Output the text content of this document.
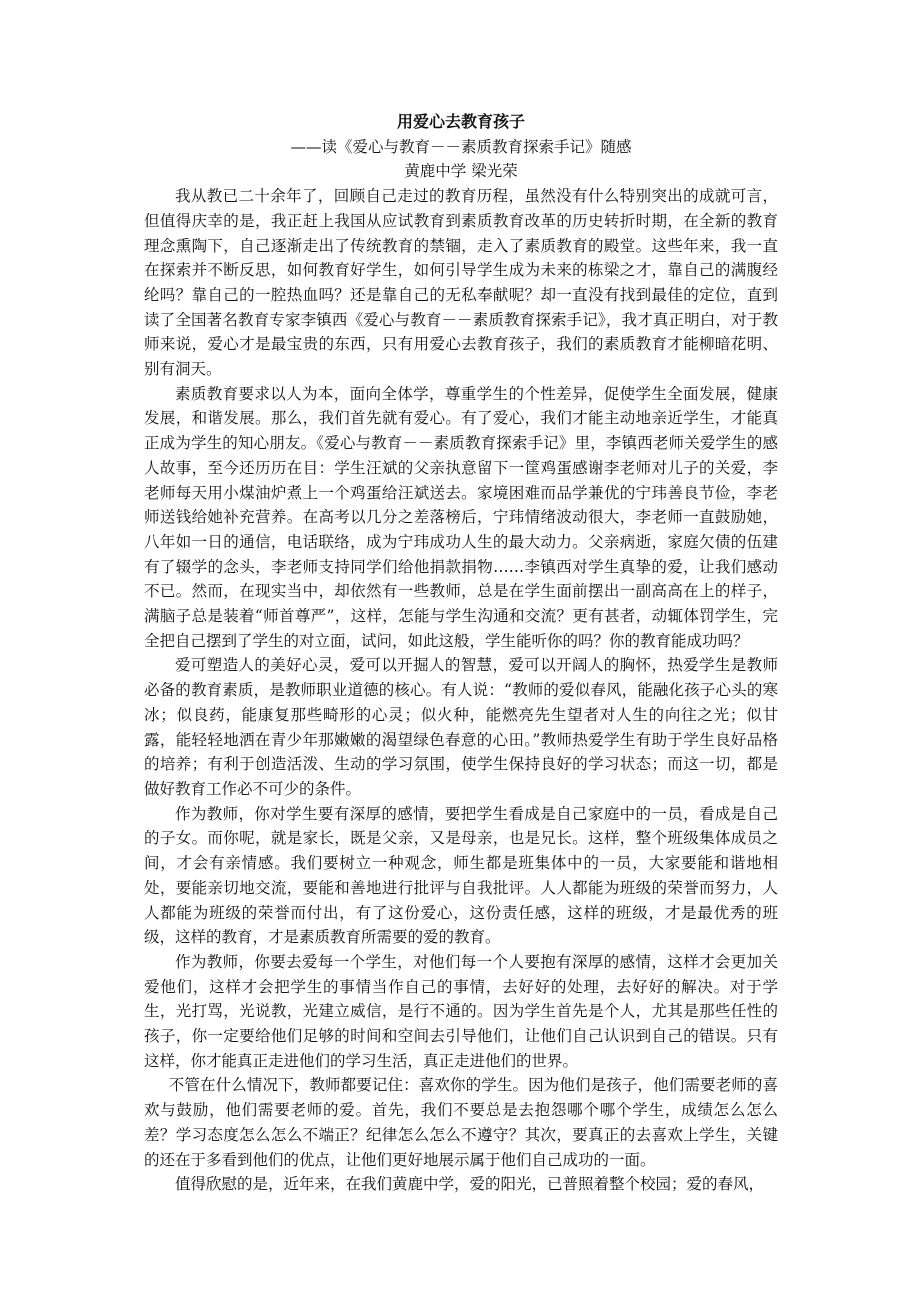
用爱心去教育孩子

——读《爱心与教育－－素质教育探索手记》随感

黄鹿中学 梁光荣

我从教已二十余年了，回顾自己走过的教育历程，虽然没有什么特别突出的成就可言，但值得庆幸的是，我正赶上我国从应试教育到素质教育改革的历史转折时期，在全新的教育理念熏陶下，自己逐渐走出了传统教育的禁锢，走入了素质教育的殿堂。这些年来，我一直在探索并不断反思，如何教育好学生，如何引导学生成为未来的栋梁之才，靠自己的满腹经纶吗？靠自己的一腔热血吗？还是靠自己的无私奉献呢？却一直没有找到最佳的定位，直到读了全国著名教育专家李镇西《爱心与教育－－素质教育探索手记》，我才真正明白，对于教师来说，爱心才是最宝贵的东西，只有用爱心去教育孩子，我们的素质教育才能柳暗花明、别有洞天。

素质教育要求以人为本，面向全体学，尊重学生的个性差异，促使学生全面发展，健康发展，和谐发展。那么，我们首先就有爱心。有了爱心，我们才能主动地亲近学生，才能真正成为学生的知心朋友。《爱心与教育－－素质教育探索手记》里，李镇西老师关爱学生的感人故事，至今还历历在目：学生汪斌的父亲执意留下一筐鸡蛋感谢李老师对儿子的关爱，李老师每天用小煤油炉煮上一个鸡蛋给汪斌送去。家境困难而品学兼优的宁玮善良节俭，李老师送钱给她补充营养。在高考以几分之差落榜后，宁玮情绪波动很大，李老师一直鼓励她，八年如一日的通信，电话联络，成为宁玮成功人生的最大动力。父亲病逝，家庭欠债的伍建有了辍学的念头，李老师支持同学们给他捐款捐物……李镇西对学生真挚的爱，让我们感动不已。然而，在现实当中，却依然有一些教师，总是在学生面前摆出一副高高在上的样子，满脑子总是装着“师首尊严”，这样，怎能与学生沟通和交流？更有甚者，动辄体罚学生，完全把自己摆到了学生的对立面，试问，如此这般，学生能听你的吗？你的教育能成功吗？

爱可塑造人的美好心灵，爱可以开掘人的智慧，爱可以开阔人的胸怀，热爱学生是教师必备的教育素质，是教师职业道德的核心。有人说：“教师的爱似春风，能融化孩子心头的寒冰；似良药，能康复那些畸形的心灵；似火种，能燃亮先生望者对人生的向往之光；似甘露，能轻轻地洒在青少年那嫩嫩的渴望绿色春意的心田。”教师热爱学生有助于学生良好品格的培养；有利于创造活泼、生动的学习氛围，使学生保持良好的学习状态；而这一切，都是做好教育工作必不可少的条件。

作为教师，你对学生要有深厚的感情，要把学生看成是自己家庭中的一员，看成是自己的子女。而你呢，就是家长，既是父亲，又是母亲，也是兄长。这样，整个班级集体成员之间，才会有亲情感。我们要树立一种观念，师生都是班集体中的一员，大家要能和谐地相处，要能亲切地交流，要能和善地进行批评与自我批评。人人都能为班级的荣誉而努力，人人都能为班级的荣誉而付出，有了这份爱心，这份责任感，这样的班级，才是最优秀的班级，这样的教育，才是素质教育所需要的爱的教育。

作为教师，你要去爱每一个学生，对他们每一个人要抱有深厚的感情，这样才会更加关爱他们，这样才会把学生的事情当作自己的事情，去好好的处理，去好好的解决。对于学生，光打骂，光说教，光建立威信，是行不通的。因为学生首先是个人，尤其是那些任性的孩子，你一定要给他们足够的时间和空间去引导他们，让他们自己认识到自己的错误。只有这样，你才能真正走进他们的学习生活，真正走进他们的世界。

不管在什么情况下，教师都要记住：喜欢你的学生。因为他们是孩子，他们需要老师的喜欢与鼓励，他们需要老师的爱。首先，我们不要总是去抱怨哪个哪个学生，成绩怎么怎么差？学习态度怎么怎么不端正？纪律怎么怎么不遵守？其次，要真正的去喜欢上学生，关键的还在于多看到他们的优点，让他们更好地展示属于他们自己成功的一面。

值得欣慰的是，近年来，在我们黄鹿中学，爱的阳光，已普照着整个校园；爱的春风，
